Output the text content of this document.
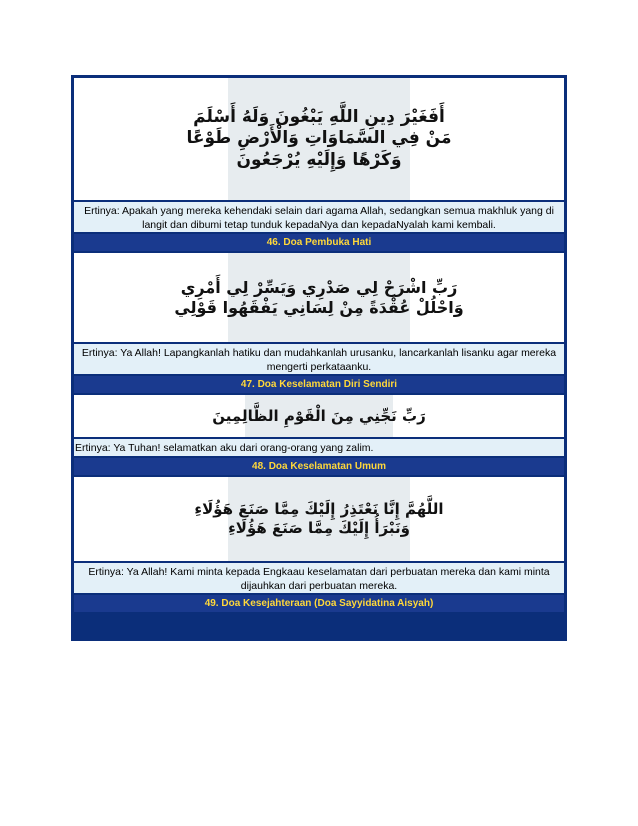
أَفَغَيْرَ دِينِ اللَّهِ يَبْغُونَ وَلَهُ أَسْلَمَ
مَنْ فِي السَّمَاوَاتِ وَالْأَرْضِ طَوْعًا
وَكَرْهًا وَإِلَيْهِ يُرْجَعُونَ
Ertinya: Apakah yang mereka kehendaki selain dari agama Allah, sedangkan semua makhluk yang di langit dan dibumi tetap tunduk kepadaNya dan kepadaNyalah kami kembali.
46. Doa Pembuka Hati
رَبِّ اشْرَحْ لِي صَدْرِي وَيَسِّرْ لِي أَمْرِي
وَاحْلُلْ عُقْدَةً مِنْ لِسَانِي يَفْقَهُوا قَوْلِي
Ertinya: Ya Allah! Lapangkanlah hatiku dan mudahkanlah urusanku, lancarkanlah lisanku agar mereka mengerti perkataanku.
47. Doa Keselamatan Diri Sendiri
رَبِّ نَجِّنِي مِنَ الْقَوْمِ الظَّالِمِينَ
Ertinya: Ya Tuhan! selamatkan aku dari orang-orang yang zalim.
48. Doa Keselamatan Umum
اللَّهُمَّ إِنَّا نَعْتَذِرُ إِلَيْكَ مِمَّا صَنَعَ هَؤُلَاءِ
وَنَبْرَأُ إِلَيْكَ مِمَّا صَنَعَ هَؤُلَاءِ
Ertinya: Ya Allah! Kami minta kepada Engkaau keselamatan dari perbuatan mereka dan kami minta dijauhkan dari perbuatan mereka.
49. Doa Kesejahteraan (Doa Sayyidatina Aisyah)
